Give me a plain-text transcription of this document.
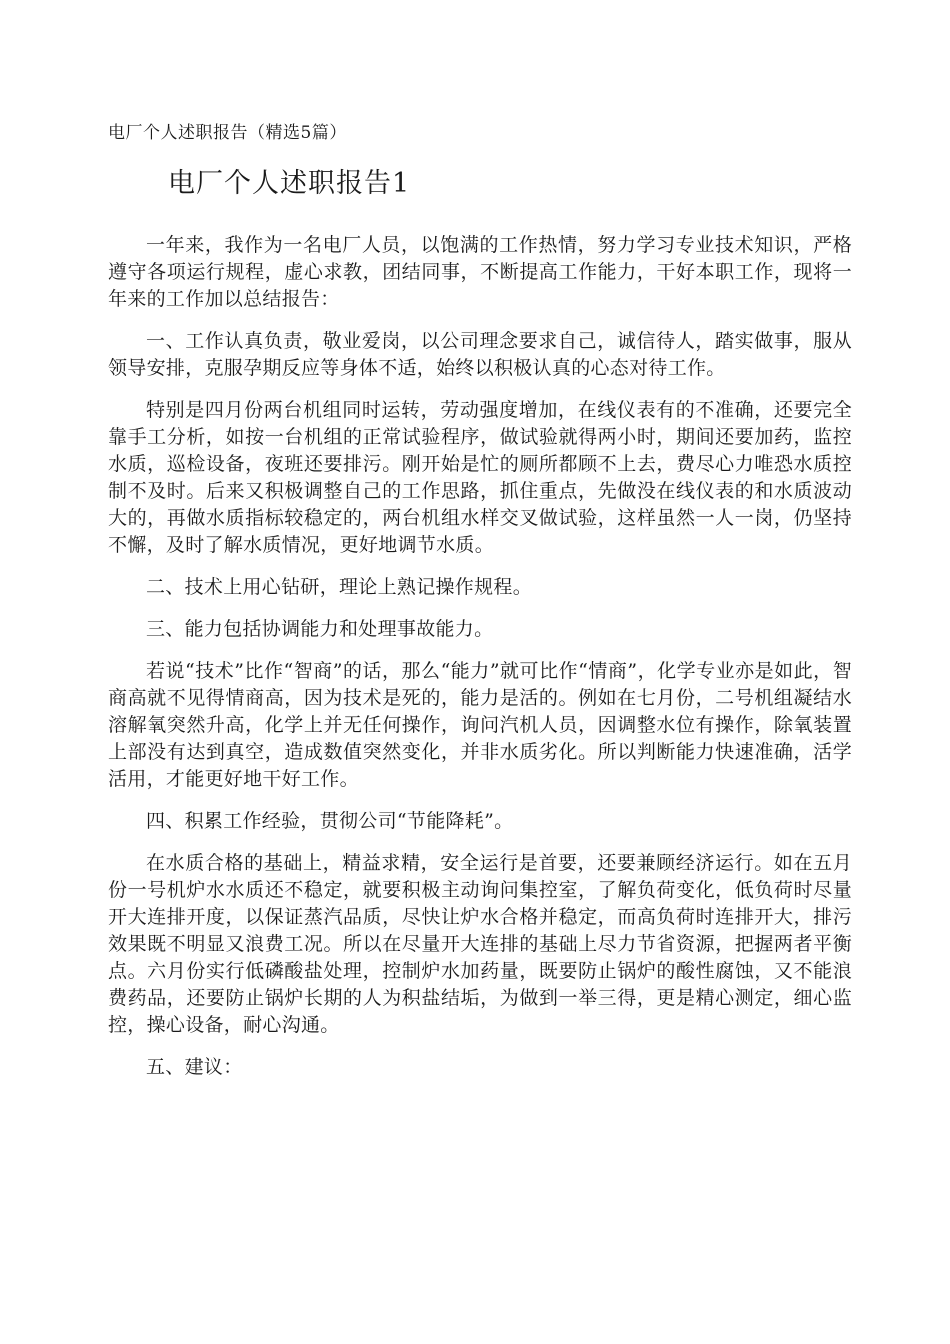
电厂个人述职报告（精选5篇）
电厂个人述职报告1

一年来，我作为一名电厂人员，以饱满的工作热情，努力学习专业技术知识，严格遵守各项运行规程，虚心求教，团结同事，不断提高工作能力，干好本职工作，现将一年来的工作加以总结报告：

一、工作认真负责，敬业爱岗，以公司理念要求自己，诚信待人，踏实做事，服从领导安排，克服孕期反应等身体不适，始终以积极认真的心态对待工作。

特别是四月份两台机组同时运转，劳动强度增加，在线仪表有的不准确，还要完全靠手工分析，如按一台机组的正常试验程序，做试验就得两小时，期间还要加药，监控水质，巡检设备，夜班还要排污。刚开始是忙的厕所都顾不上去，费尽心力唯恐水质控制不及时。后来又积极调整自己的工作思路，抓住重点，先做没在线仪表的和水质波动大的，再做水质指标较稳定的，两台机组水样交叉做试验，这样虽然一人一岗，仍坚持不懈，及时了解水质情况，更好地调节水质。

二、技术上用心钻研，理论上熟记操作规程。

三、能力包括协调能力和处理事故能力。

若说“技术”比作“智商”的话，那么“能力”就可比作“情商”，化学专业亦是如此，智商高就不见得情商高，因为技术是死的，能力是活的。例如在七月份，二号机组凝结水溶解氧突然升高，化学上并无任何操作，询问汽机人员，因调整水位有操作，除氧装置上部没有达到真空，造成数值突然变化，并非水质劣化。所以判断能力快速准确，活学活用，才能更好地干好工作。

四、积累工作经验，贯彻公司“节能降耗”。

在水质合格的基础上，精益求精，安全运行是首要，还要兼顾经济运行。如在五月份一号机炉水水质还不稳定，就要积极主动询问集控室，了解负荷变化，低负荷时尽量开大连排开度，以保证蒸汽品质，尽快让炉水合格并稳定，而高负荷时连排开大，排污效果既不明显又浪费工况。所以在尽量开大连排的基础上尽力节省资源，把握两者平衡点。六月份实行低磷酸盐处理，控制炉水加药量，既要防止锅炉的酸性腐蚀，又不能浪费药品，还要防止锅炉长期的人为积盐结垢，为做到一举三得，更是精心测定，细心监控，操心设备，耐心沟通。

五、建议：
